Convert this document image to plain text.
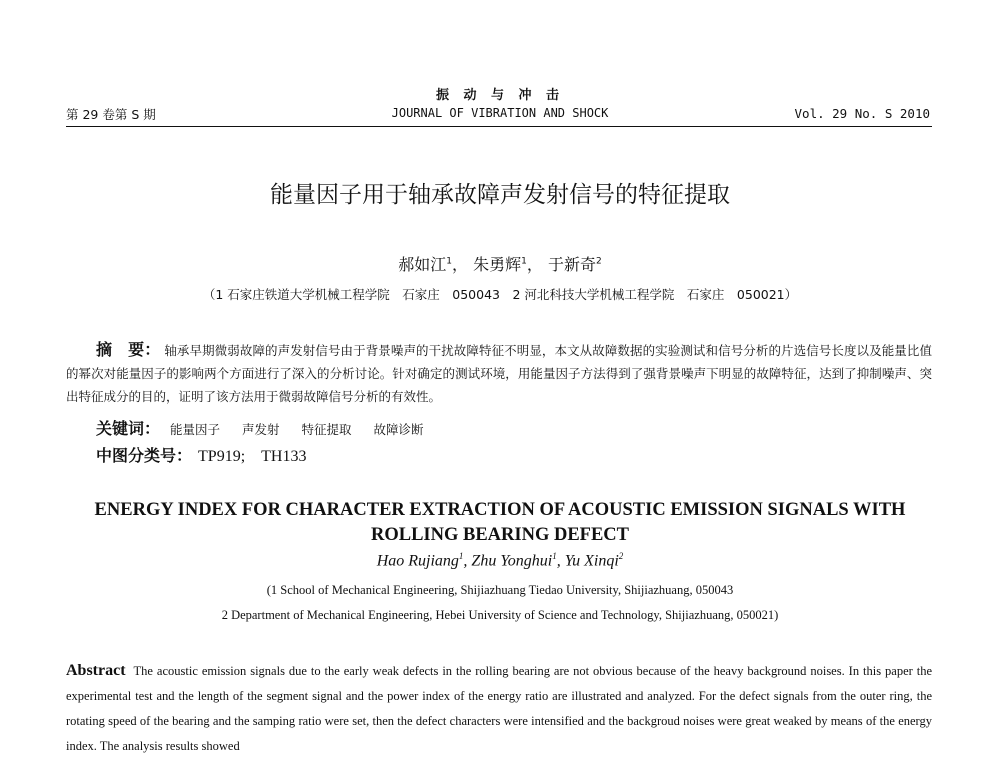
振 动 与 冲 击
第 29 卷第 S 期	JOURNAL OF VIBRATION AND SHOCK	Vol. 29 No. S 2010
能量因子用于轴承故障声发射信号的特征提取
郝如江$^1$， 朱勇辉$^1$， 于新奇$^2$
（1 石家庄铁道大学机械工程学院　石家庄　050043　2 河北科技大学机械工程学院　石家庄　050021）
摘　要： 轴承早期微弱故障的声发射信号由于背景噪声的干扰故障特征不明显，本文从故障数据的实验测试和信号分析的片选信号长度以及能量比值的幂次对能量因子的影响两个方面进行了深入的分析讨论。针对确定的测试环境，用能量因子方法得到了强背景噪声下明显的故障特征，达到了抑制噪声、突出特征成分的目的，证明了该方法用于微弱故障信号分析的有效性。
关键词： 能量因子 声发射 特征提取 故障诊断
中图分类号： TP919;　TH133
ENERGY INDEX FOR CHARACTER EXTRACTION OF ACOUSTIC EMISSION SIGNALS WITH ROLLING BEARING DEFECT
Hao Rujiang$^1$, Zhu Yonghui$^1$, Yu Xinqi$^2$
(1 School of Mechanical Engineering, Shijiazhuang Tiedao University, Shijiazhuang, 050043
2 Department of Mechanical Engineering, Hebei University of Science and Technology, Shijiazhuang, 050021)
Abstract The acoustic emission signals due to the early weak defects in the rolling bearing are not obvious because of the heavy background noises. In this paper the experimental test and the length of the segment signal and the power index of the energy ratio are illustrated and analyzed. For the defect signals from the outer ring, the rotating speed of the bearing and the samping ratio were set, then the defect characters were intensified and the backgroud noises were great weaked by means of the energy index. The analysis results showed
